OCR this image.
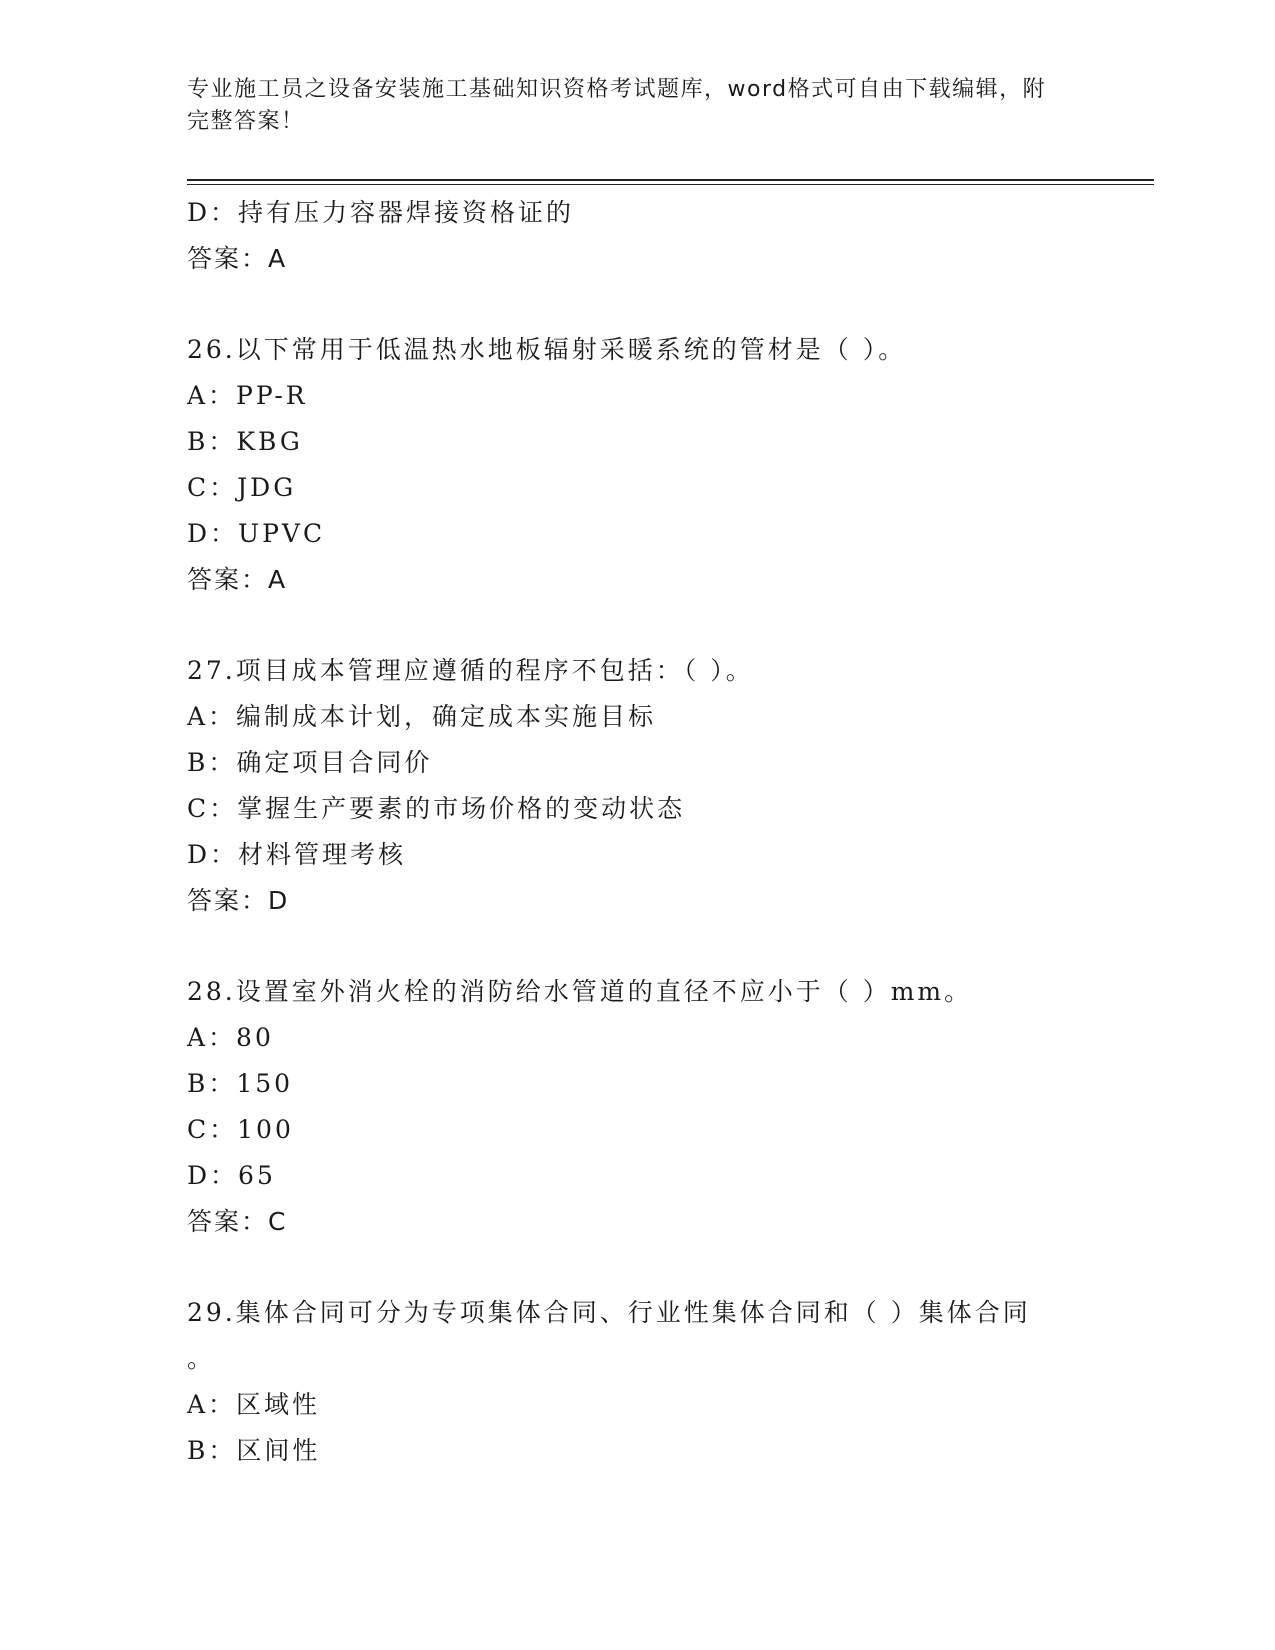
专业施工员之设备安装施工基础知识资格考试题库，word格式可自由下载编辑，附完整答案！
D：持有压力容器焊接资格证的
答案：A
26.以下常用于低温热水地板辐射采暖系统的管材是（ ）。
A：PP-R
B：KBG
C：JDG
D：UPVC
答案：A
27.项目成本管理应遵循的程序不包括：（ ）。
A：编制成本计划，确定成本实施目标
B：确定项目合同价
C：掌握生产要素的市场价格的变动状态
D：材料管理考核
答案：D
28.设置室外消火栓的消防给水管道的直径不应小于（ ）mm。
A：80
B：150
C：100
D：65
答案：C
29.集体合同可分为专项集体合同、行业性集体合同和（ ）集体合同
。
A：区域性
B：区间性
